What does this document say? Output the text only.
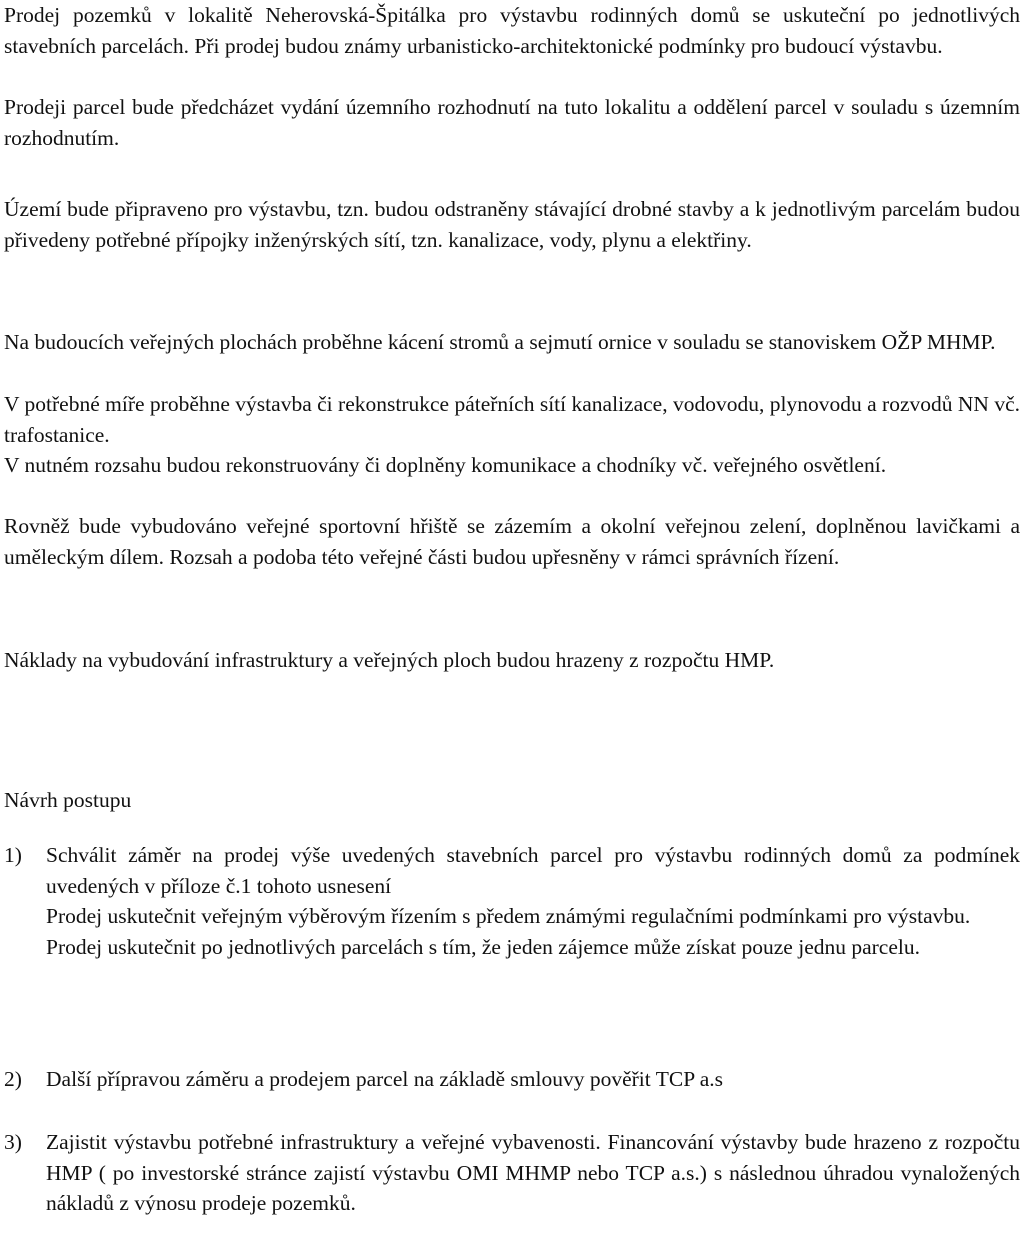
Prodej pozemků v lokalitě Neherovská-Špitálka pro výstavbu rodinných domů se uskuteční po jednotlivých stavebních parcelách. Při prodej budou známy urbanisticko-architektonické podmínky pro budoucí výstavbu.

Prodeji parcel bude předcházet vydání územního rozhodnutí na tuto lokalitu a oddělení parcel v souladu s územním rozhodnutím.

Území bude připraveno pro výstavbu, tzn. budou odstraněny stávající drobné stavby a k jednotlivým parcelám budou přivedeny potřebné přípojky inženýrských sítí, tzn. kanalizace, vody, plynu a elektřiny.

Na budoucích veřejných plochách proběhne kácení stromů a sejmutí ornice v souladu se stanoviskem OŽP MHMP.

V potřebné míře proběhne výstavba či rekonstrukce páteřních sítí kanalizace, vodovodu, plynovodu a rozvodů NN vč. trafostanice.

V nutném rozsahu budou rekonstruovány či doplněny komunikace a chodníky vč. veřejného osvětlení.

Rovněž bude vybudováno veřejné sportovní hřiště se zázemím a okolní veřejnou zelení, doplněnou lavičkami a uměleckým dílem. Rozsah a podoba této veřejné části budou upřesněny v rámci správních řízení.

Náklady na vybudování infrastruktury a veřejných ploch budou hrazeny z rozpočtu HMP.

Návrh postupu

1) Schválit záměr na prodej výše uvedených stavebních parcel pro výstavbu rodinných domů za podmínek uvedených v příloze č.1 tohoto usnesení

Prodej uskutečnit veřejným výběrovým řízením s předem známými regulačními podmínkami pro výstavbu.

Prodej uskutečnit po jednotlivých parcelách s tím, že jeden zájemce může získat pouze jednu parcelu.

2) Další přípravou záměru a prodejem parcel na základě smlouvy pověřit TCP a.s

3) Zajistit výstavbu potřebné infrastruktury a veřejné vybavenosti. Financování výstavby bude hrazeno z rozpočtu HMP ( po investorské stránce zajistí výstavbu OMI MHMP nebo TCP a.s.) s následnou úhradou vynaložených nákladů z výnosu prodeje pozemků.
